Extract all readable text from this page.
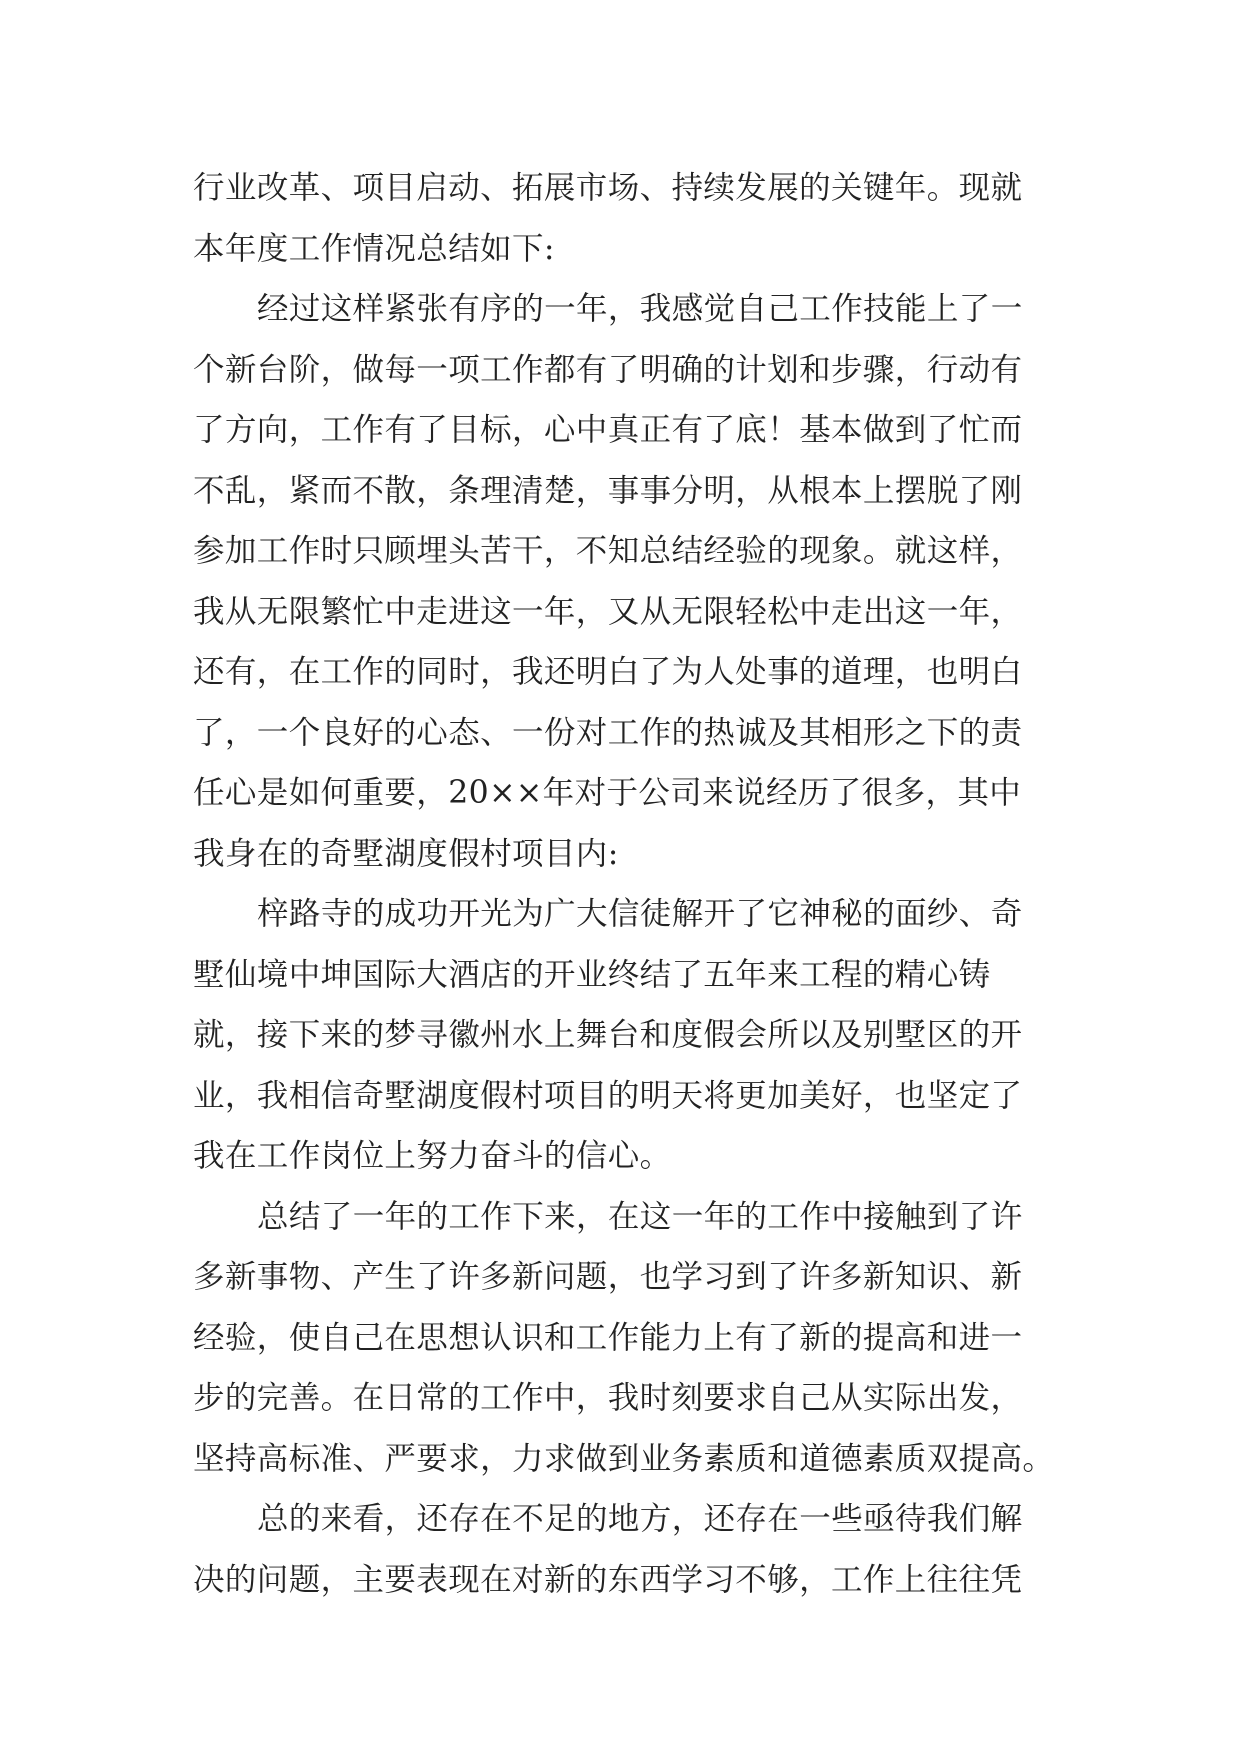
行业改革、项目启动、拓展市场、持续发展的关键年。现就
本年度工作情况总结如下:
经过这样紧张有序的一年，我感觉自己工作技能上了一
个新台阶，做每一项工作都有了明确的计划和步骤，行动有
了方向，工作有了目标，心中真正有了底！基本做到了忙而
不乱，紧而不散，条理清楚，事事分明，从根本上摆脱了刚
参加工作时只顾埋头苦干，不知总结经验的现象。就这样，
我从无限繁忙中走进这一年，又从无限轻松中走出这一年，
还有，在工作的同时，我还明白了为人处事的道理，也明白
了，一个良好的心态、一份对工作的热诚及其相形之下的责
任心是如何重要，20××年对于公司来说经历了很多，其中
我身在的奇墅湖度假村项目内:
梓路寺的成功开光为广大信徒解开了它神秘的面纱、奇
墅仙境中坤国际大酒店的开业终结了五年来工程的精心铸
就，接下来的梦寻徽州水上舞台和度假会所以及别墅区的开
业，我相信奇墅湖度假村项目的明天将更加美好，也坚定了
我在工作岗位上努力奋斗的信心。
总结了一年的工作下来，在这一年的工作中接触到了许
多新事物、产生了许多新问题，也学习到了许多新知识、新
经验，使自己在思想认识和工作能力上有了新的提高和进一
步的完善。在日常的工作中，我时刻要求自己从实际出发，
坚持高标准、严要求，力求做到业务素质和道德素质双提高。
总的来看，还存在不足的地方，还存在一些亟待我们解
决的问题，主要表现在对新的东西学习不够，工作上往往凭
